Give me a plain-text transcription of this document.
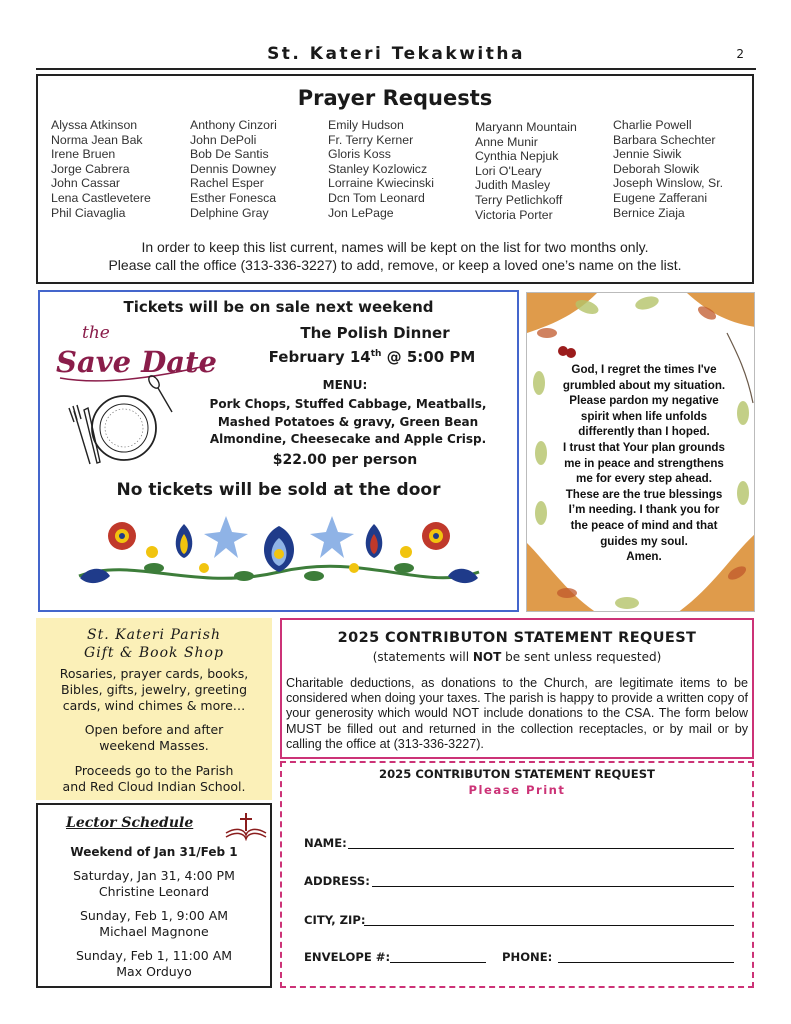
St. Kateri Tekakwitha	2
Prayer Requests
Alyssa Atkinson
Norma Jean Bak
Irene Bruen
Jorge Cabrera
John Cassar
Lena Castlevetere
Phil Ciavaglia
Anthony Cinzori
John DePoli
Bob De Santis
Dennis Downey
Rachel Esper
Esther Fonesca
Delphine Gray
Emily Hudson
Fr. Terry Kerner
Gloris Koss
Stanley Kozlowicz
Lorraine Kwiecinski
Dcn Tom Leonard
Jon LePage
Maryann Mountain
Anne Munir
Cynthia Nepjuk
Lori O'Leary
Judith Masley
Terry Petlichkoff
Victoria Porter
Charlie Powell
Barbara Schechter
Jennie Siwik
Deborah Slowik
Joseph Winslow, Sr.
Eugene Zafferani
Bernice Ziaja
In order to keep this list current, names will be kept on the list for two months only.
Please call the office (313-336-3227) to add, remove, or keep a loved one’s name on the list.
Tickets will be on sale next weekend
the
Save Date
The Polish Dinner
February 14th @ 5:00 PM
MENU:
Pork Chops, Stuffed Cabbage, Meatballs,
Mashed Potatoes & gravy, Green Bean
Almondine, Cheesecake and Apple Crisp.
$22.00 per person
No tickets will be sold at the door
God, I regret the times I've
grumbled about my situation.
Please pardon my negative
spirit when life unfolds
differently than I hoped.
I trust that Your plan grounds
me in peace and strengthens
me for every step ahead.
These are the true blessings
I’m needing. I thank you for
the peace of mind and that
guides my soul.
Amen.
St. Kateri Parish
Gift & Book Shop
Rosaries, prayer cards, books,
Bibles, gifts, jewelry, greeting
cards, wind chimes & more…
Open before and after
weekend Masses.
Proceeds go to the Parish
and Red Cloud Indian School.
Lector Schedule
Weekend of Jan 31/Feb 1
Saturday, Jan 31, 4:00 PM
Christine Leonard
Sunday, Feb 1, 9:00 AM
Michael Magnone
Sunday, Feb 1, 11:00 AM
Max Orduyo
2025 CONTRIBUTON STATEMENT REQUEST
(statements will NOT be sent unless requested)
Charitable deductions, as donations to the Church, are legitimate items to be considered when doing your taxes. The parish is happy to provide a written copy of your generosity which would NOT include donations to the CSA. The form below MUST be filled out and returned in the collection receptacles, or by mail or by calling the office at (313-336-3227).
2025 CONTRIBUTON STATEMENT REQUEST
Please Print
NAME:
ADDRESS:
CITY, ZIP:
ENVELOPE #:	PHONE:
